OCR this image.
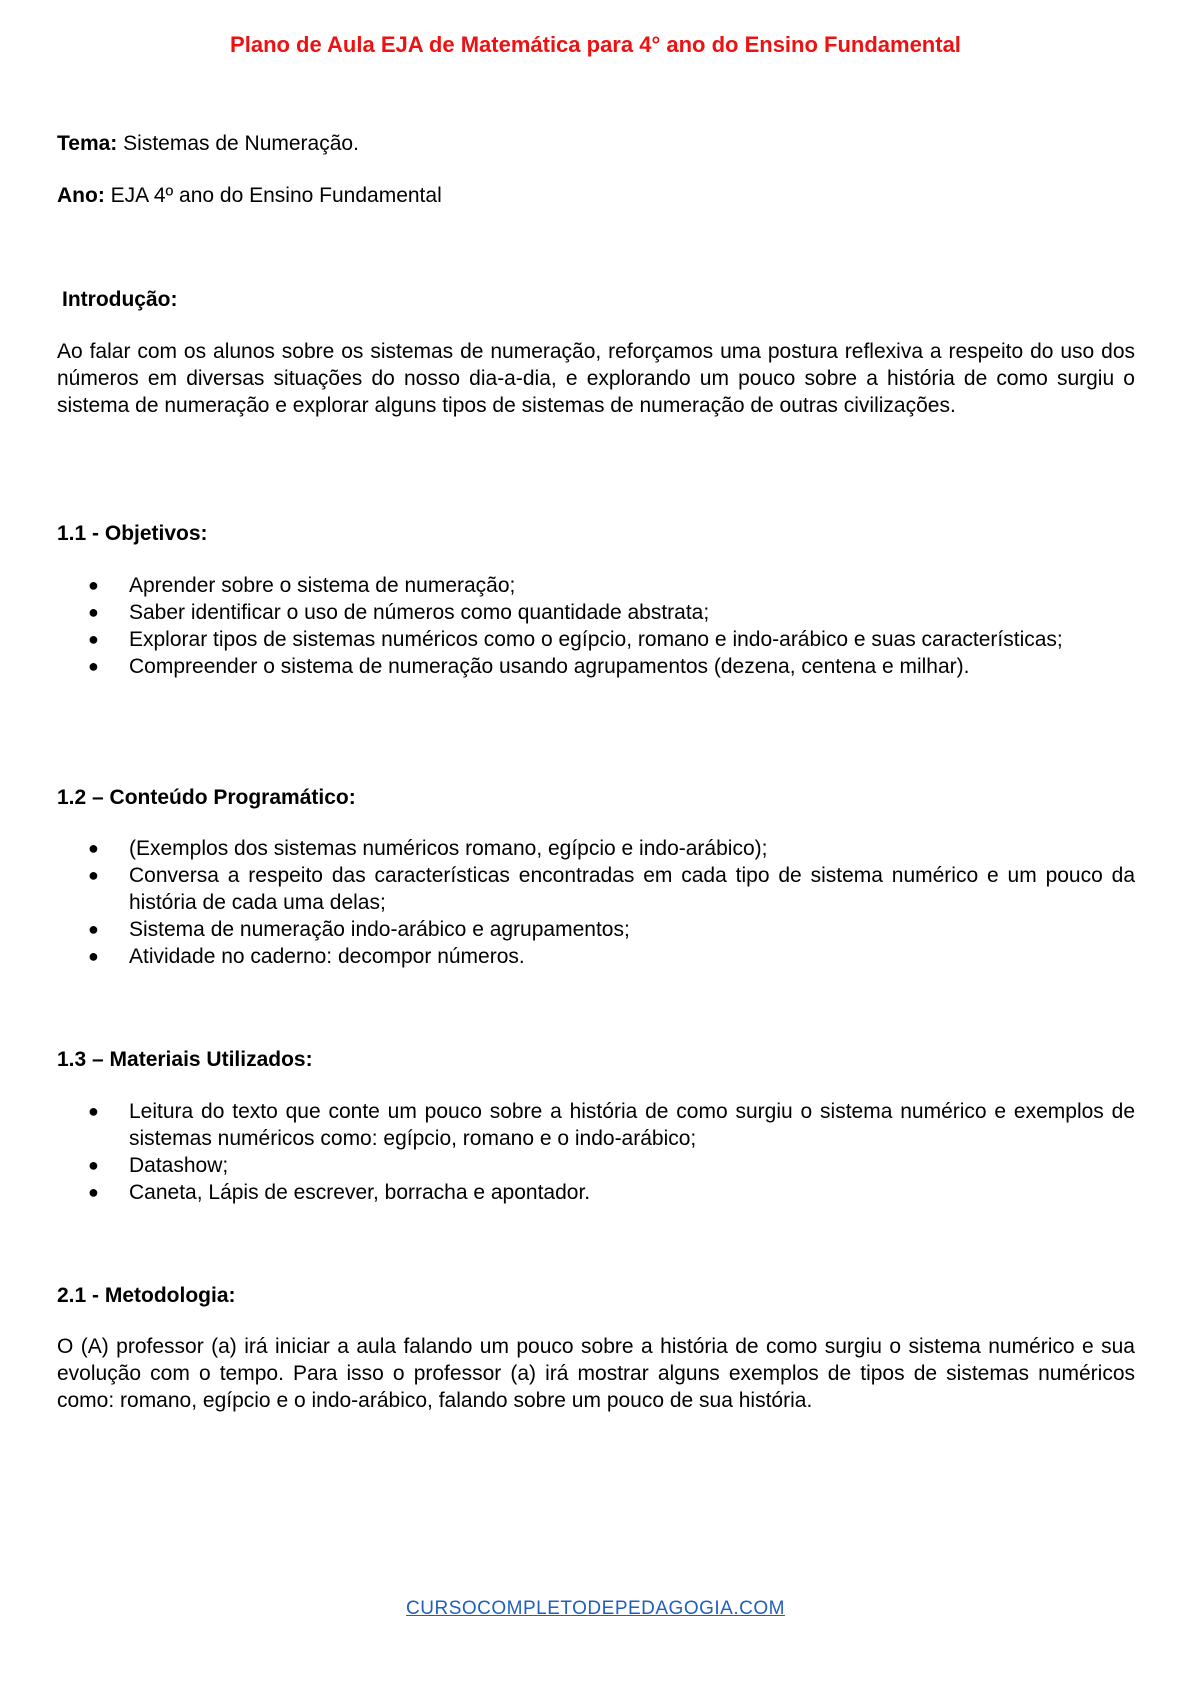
Plano de Aula EJA de Matemática para 4° ano do Ensino Fundamental
Tema: Sistemas de Numeração.
Ano: EJA 4º ano do Ensino Fundamental
Introdução:

Ao falar com os alunos sobre os sistemas de numeração, reforçamos uma postura reflexiva a respeito do uso dos números em diversas situações do nosso dia-a-dia, e explorando um pouco sobre a história de como surgiu o sistema de numeração e explorar alguns tipos de sistemas de numeração de outras civilizações.

1.1 - Objetivos:
● Aprender sobre o sistema de numeração;
● Saber identificar o uso de números como quantidade abstrata;
● Explorar tipos de sistemas numéricos como o egípcio, romano e indo-arábico e suas características;
● Compreender o sistema de numeração usando agrupamentos (dezena, centena e milhar).
1.2 – Conteúdo Programático:
● (Exemplos dos sistemas numéricos romano, egípcio e indo-arábico);
● Conversa a respeito das características encontradas em cada tipo de sistema numérico e um pouco da história de cada uma delas;
● Sistema de numeração indo-arábico e agrupamentos;
● Atividade no caderno: decompor números.
1.3 – Materiais Utilizados:
● Leitura do texto que conte um pouco sobre a história de como surgiu o sistema numérico e exemplos de sistemas numéricos como: egípcio, romano e o indo-arábico;
● Datashow;
● Caneta, Lápis de escrever, borracha e apontador.
2.1 - Metodologia:

O (A) professor (a) irá iniciar a aula falando um pouco sobre a história de como surgiu o sistema numérico e sua evolução com o tempo. Para isso o professor (a) irá mostrar alguns exemplos de tipos de sistemas numéricos como: romano, egípcio e o indo-arábico, falando sobre um pouco de sua história.

CURSOCOMPLETODEPEDAGOGIA.COM
